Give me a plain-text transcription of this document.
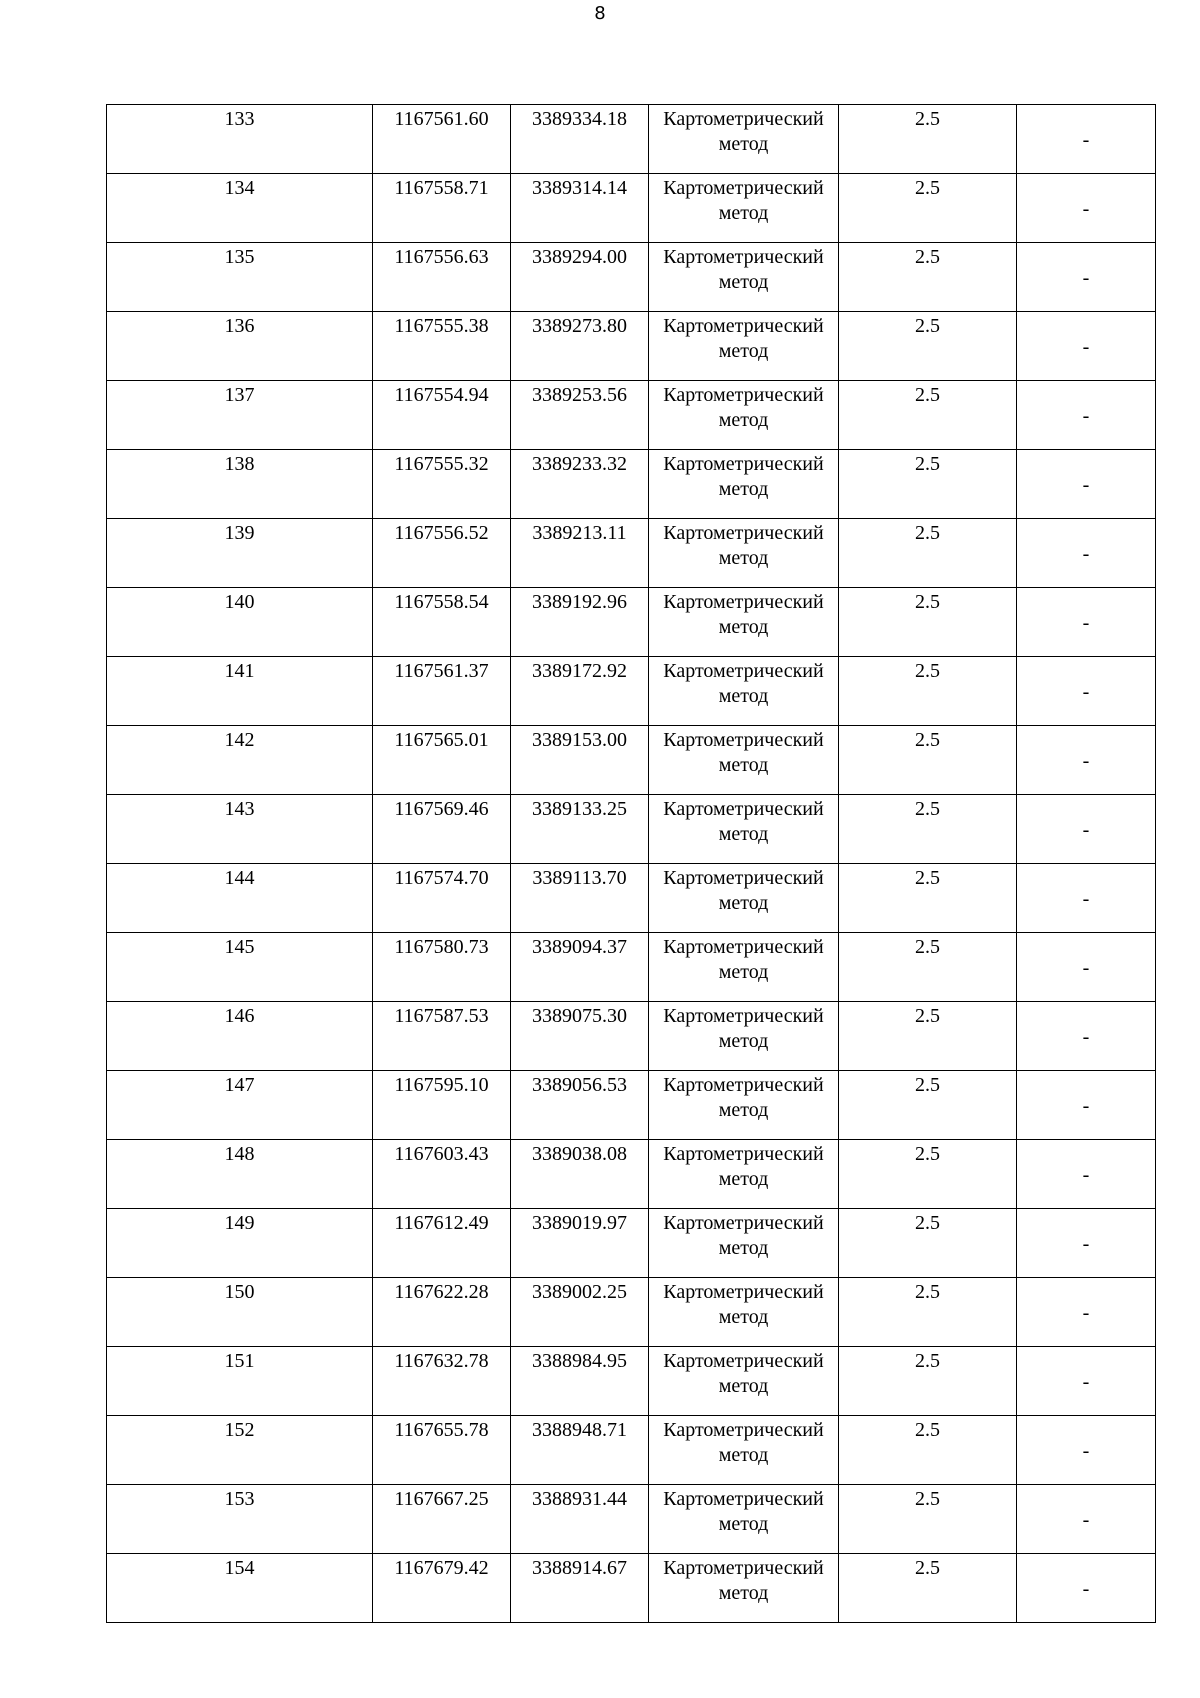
8
133	1167561.60	3389334.18	Картометрический метод	2.5	-

134	1167558.71	3389314.14	Картометрический метод	2.5	-

135	1167556.63	3389294.00	Картометрический метод	2.5	-

136	1167555.38	3389273.80	Картометрический метод	2.5	-

137	1167554.94	3389253.56	Картометрический метод	2.5	-

138	1167555.32	3389233.32	Картометрический метод	2.5	-

139	1167556.52	3389213.11	Картометрический метод	2.5	-

140	1167558.54	3389192.96	Картометрический метод	2.5	-

141	1167561.37	3389172.92	Картометрический метод	2.5	-

142	1167565.01	3389153.00	Картометрический метод	2.5	-

143	1167569.46	3389133.25	Картометрический метод	2.5	-

144	1167574.70	3389113.70	Картометрический метод	2.5	-

145	1167580.73	3389094.37	Картометрический метод	2.5	-

146	1167587.53	3389075.30	Картометрический метод	2.5	-

147	1167595.10	3389056.53	Картометрический метод	2.5	-

148	1167603.43	3389038.08	Картометрический метод	2.5	-

149	1167612.49	3389019.97	Картометрический метод	2.5	-

150	1167622.28	3389002.25	Картометрический метод	2.5	-

151	1167632.78	3388984.95	Картометрический метод	2.5	-

152	1167655.78	3388948.71	Картометрический метод	2.5	-

153	1167667.25	3388931.44	Картометрический метод	2.5	-

154	1167679.42	3388914.67	Картометрический метод	2.5	-
